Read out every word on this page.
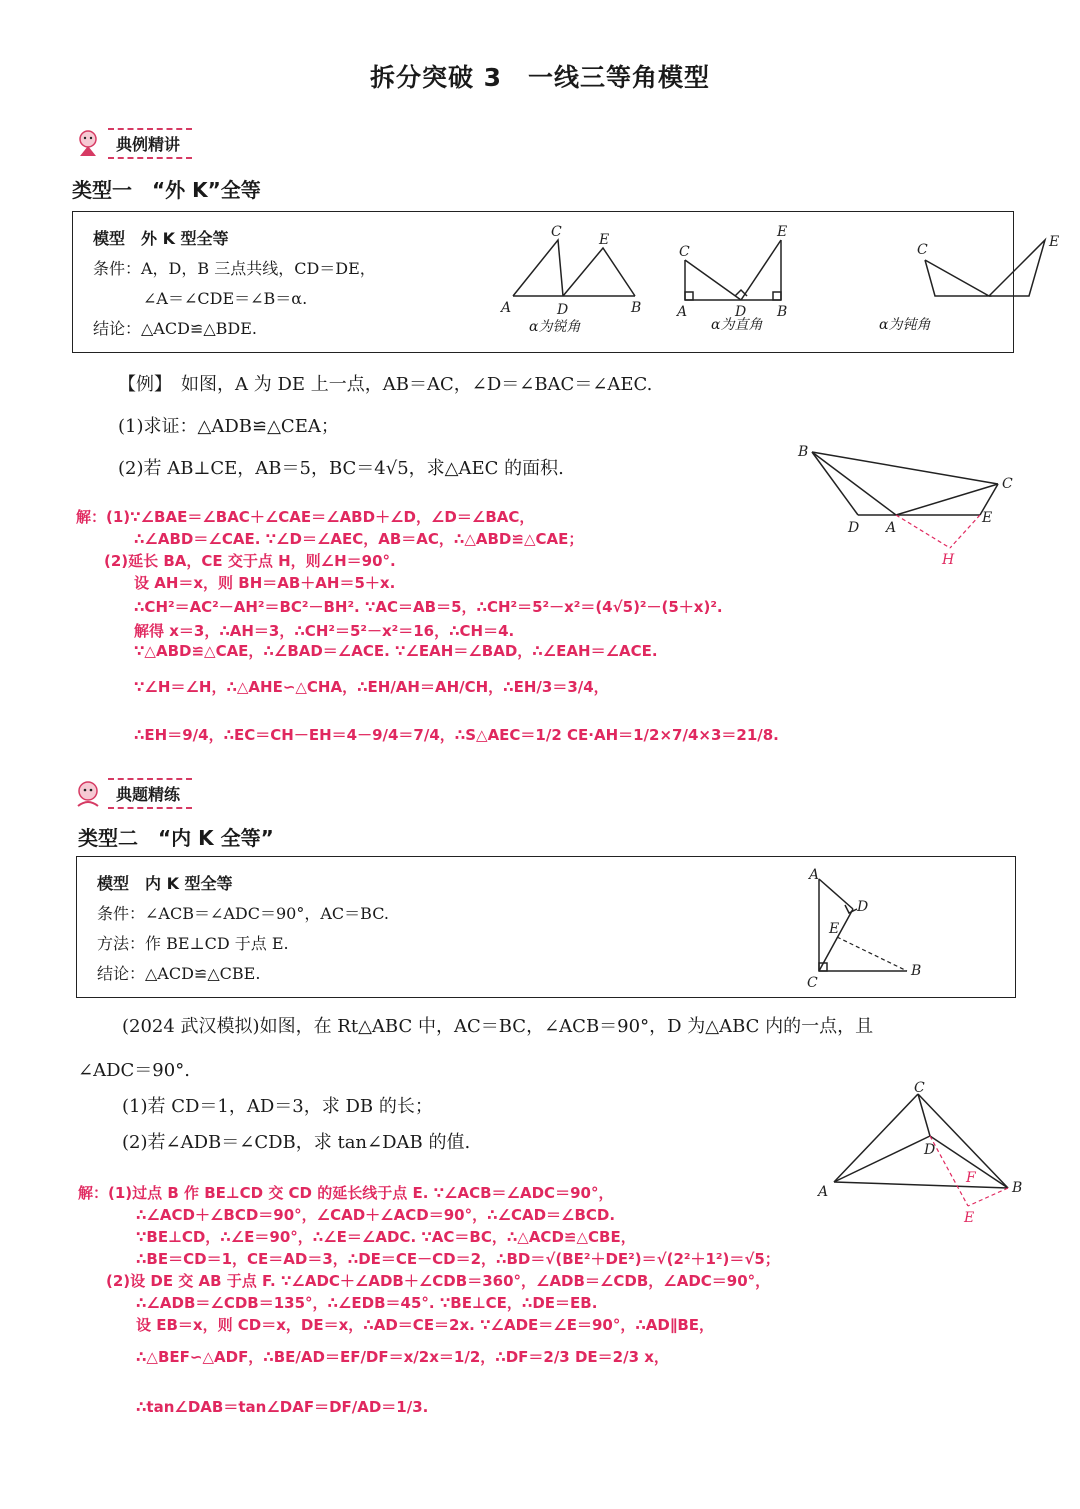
拆分突破 3　一线三等角模型
典例精讲
类型一　“外 K”全等
模型　外 K 型全等
条件：A，D，B 三点共线，CD＝DE，
∠A＝∠CDE＝∠B＝α.
结论：△ACD≌△BDE.
C	E
A	D	B
C
E
A	D B
C	E
α为锐角	α为直角	α为钝角
【例】　如图，A 为 DE 上一点，AB＝AC，∠D＝∠BAC＝∠AEC.
(1)求证：△ADB≌△CEA；
(2)若 AB⊥CE，AB＝5，BC＝4√5，求△AEC 的面积.
B
C
D A
E
H
解：(1)∵∠BAE＝∠BAC＋∠CAE＝∠ABD＋∠D，∠D＝∠BAC，
∴∠ABD＝∠CAE. ∵∠D＝∠AEC，AB＝AC，∴△ABD≌△CAE；
(2)延长 BA，CE 交于点 H，则∠H＝90°.
设 AH＝x，则 BH＝AB＋AH＝5＋x.
∴CH²＝AC²－AH²＝BC²－BH². ∵AC＝AB＝5，∴CH²＝5²－x²＝(4√5)²－(5＋x)².
解得 x＝3，∴AH＝3，∴CH²＝5²－x²＝16，∴CH＝4.
∵△ABD≌△CAE，∴∠BAD＝∠ACE. ∵∠EAH＝∠BAD，∴∠EAH＝∠ACE.
∵∠H＝∠H，∴△AHE∽△CHA，∴EH/AH＝AH/CH，∴EH/3＝3/4，
∴EH＝9/4，∴EC＝CH－EH＝4－9/4＝7/4，∴S△AEC＝1/2 CE·AH＝1/2×7/4×3＝21/8.
典题精练
类型二　“内 K 全等”
模型　内 K 型全等
条件：∠ACB＝∠ADC＝90°，AC＝BC.
方法：作 BE⊥CD 于点 E.
结论：△ACD≌△CBE.
A
D
E
C
B
(2024 武汉模拟)如图，在 Rt△ABC 中，AC＝BC，∠ACB＝90°，D 为△ABC 内的一点，且
∠ADC＝90°.
(1)若 CD＝1，AD＝3，求 DB 的长；
(2)若∠ADB＝∠CDB，求 tan∠DAB 的值.
C
D
A
F
B
E
解：(1)过点 B 作 BE⊥CD 交 CD 的延长线于点 E. ∵∠ACB＝∠ADC＝90°，
∴∠ACD＋∠BCD＝90°，∠CAD＋∠ACD＝90°，∴∠CAD＝∠BCD.
∵BE⊥CD，∴∠E＝90°，∴∠E＝∠ADC. ∵AC＝BC，∴△ACD≌△CBE，
∴BE＝CD＝1，CE＝AD＝3，∴DE＝CE－CD＝2，∴BD＝√(BE²＋DE²)＝√(2²＋1²)＝√5；
(2)设 DE 交 AB 于点 F. ∵∠ADC＋∠ADB＋∠CDB＝360°，∠ADB＝∠CDB，∠ADC＝90°，
∴∠ADB＝∠CDB＝135°，∴∠EDB＝45°. ∵BE⊥CE，∴DE＝EB.
设 EB＝x，则 CD＝x，DE＝x，∴AD＝CE＝2x. ∵∠ADE＝∠E＝90°，∴AD∥BE，
∴△BEF∽△ADF，∴BE/AD＝EF/DF＝x/2x＝1/2，∴DF＝2/3 DE＝2/3 x，
∴tan∠DAB＝tan∠DAF＝DF/AD＝1/3.
